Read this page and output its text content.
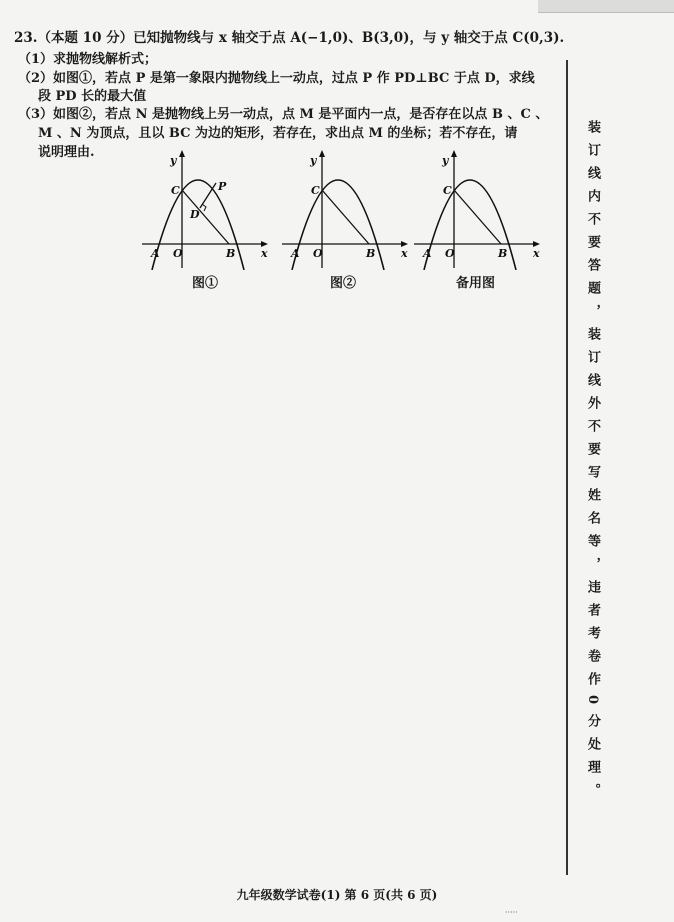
23.（本题 10 分）已知抛物线与 x 轴交于点 A(−1,0)、B(3,0)，与 y 轴交于点 C(0,3).
（1）求抛物线解析式；
（2）如图①，若点 P 是第一象限内抛物线上一动点，过点 P 作 PD⊥BC 于点 D，求线
段 PD 长的最大值
（3）如图②，若点 N 是抛物线上另一动点，点 M 是平面内一点，是否存在以点 B 、C 、
M 、N 为顶点，且以 BC 为边的矩形，若存在，求出点 M 的坐标；若不存在，请
说明理由.
y
x
A O	B
C	P
D
图①
y
x
A O	B
C
图②
y
x
A O	B
C
备用图	装订线内不要答题，装订线外不要写姓名等，违者考卷作0分处理。
九年级数学试卷(1) 第 6 页(共 6 页)
·····
